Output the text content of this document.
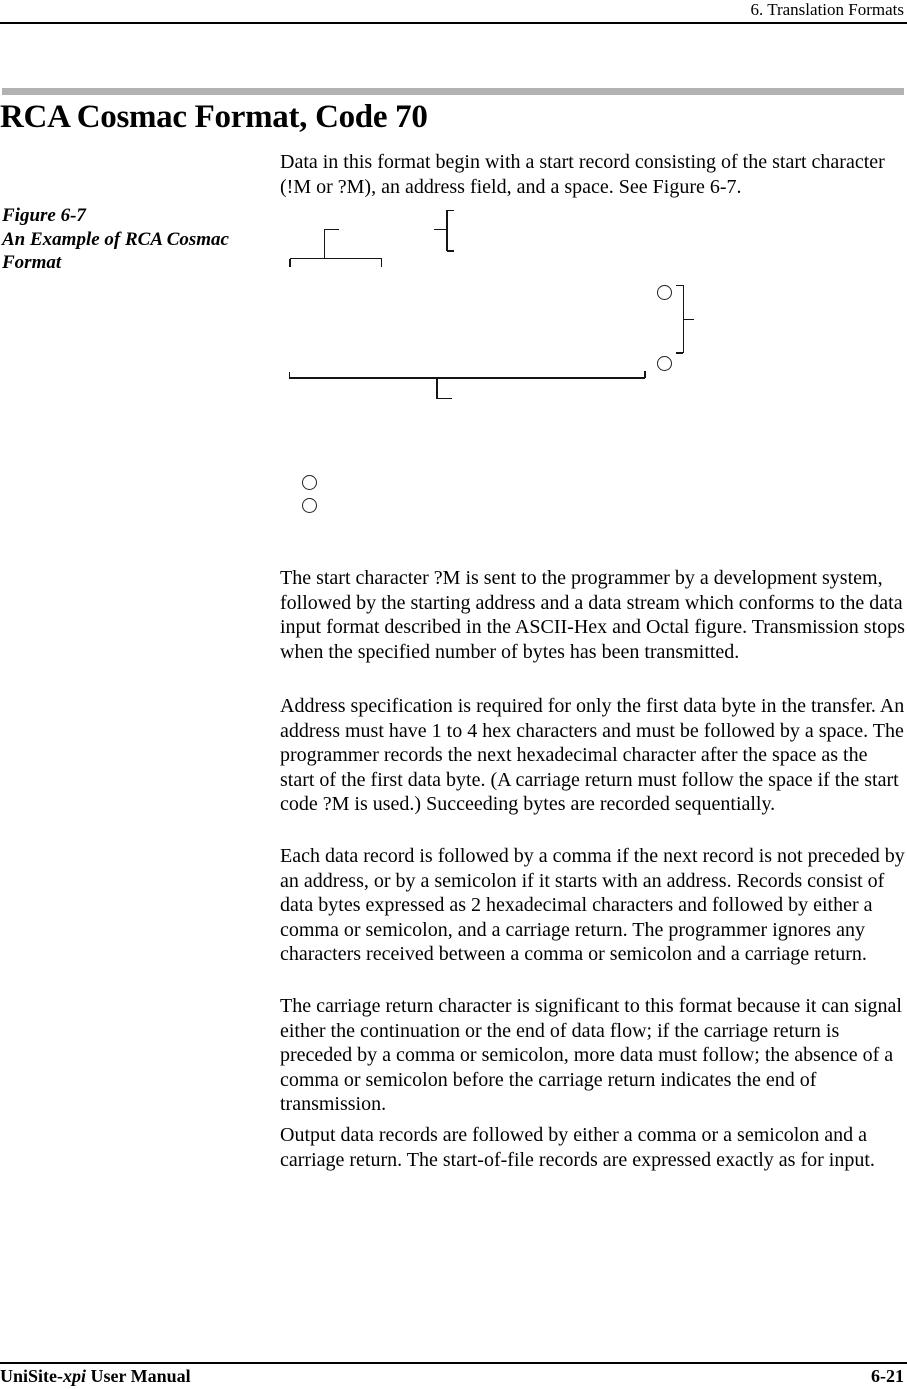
6. Translation Formats
RCA Cosmac Format, Code 70

Data in this format begin with a start record consisting of the start character (!M or ?M), an address field, and a space. See Figure 6-7.

Figure 6-7
An Example of RCA Cosmac
Format

The start character ?M is sent to the programmer by a development system, followed by the starting address and a data stream which conforms to the data input format described in the ASCII-Hex and Octal figure. Transmission stops when the specified number of bytes has been transmitted.

Address specification is required for only the first data byte in the transfer. An address must have 1 to 4 hex characters and must be followed by a space. The programmer records the next hexadecimal character after the space as the start of the first data byte. (A carriage return must follow the space if the start code ?M is used.) Succeeding bytes are recorded sequentially.

Each data record is followed by a comma if the next record is not preceded by an address, or by a semicolon if it starts with an address. Records consist of data bytes expressed as 2 hexadecimal characters and followed by either a comma or semicolon, and a carriage return. The programmer ignores any characters received between a comma or semicolon and a carriage return.

The carriage return character is significant to this format because it can signal either the continuation or the end of data flow; if the carriage return is preceded by a comma or semicolon, more data must follow; the absence of a comma or semicolon before the carriage return indicates the end of transmission.

Output data records are followed by either a comma or a semicolon and a carriage return. The start-of-file records are expressed exactly as for input.

UniSite-xpi User Manual	6-21
